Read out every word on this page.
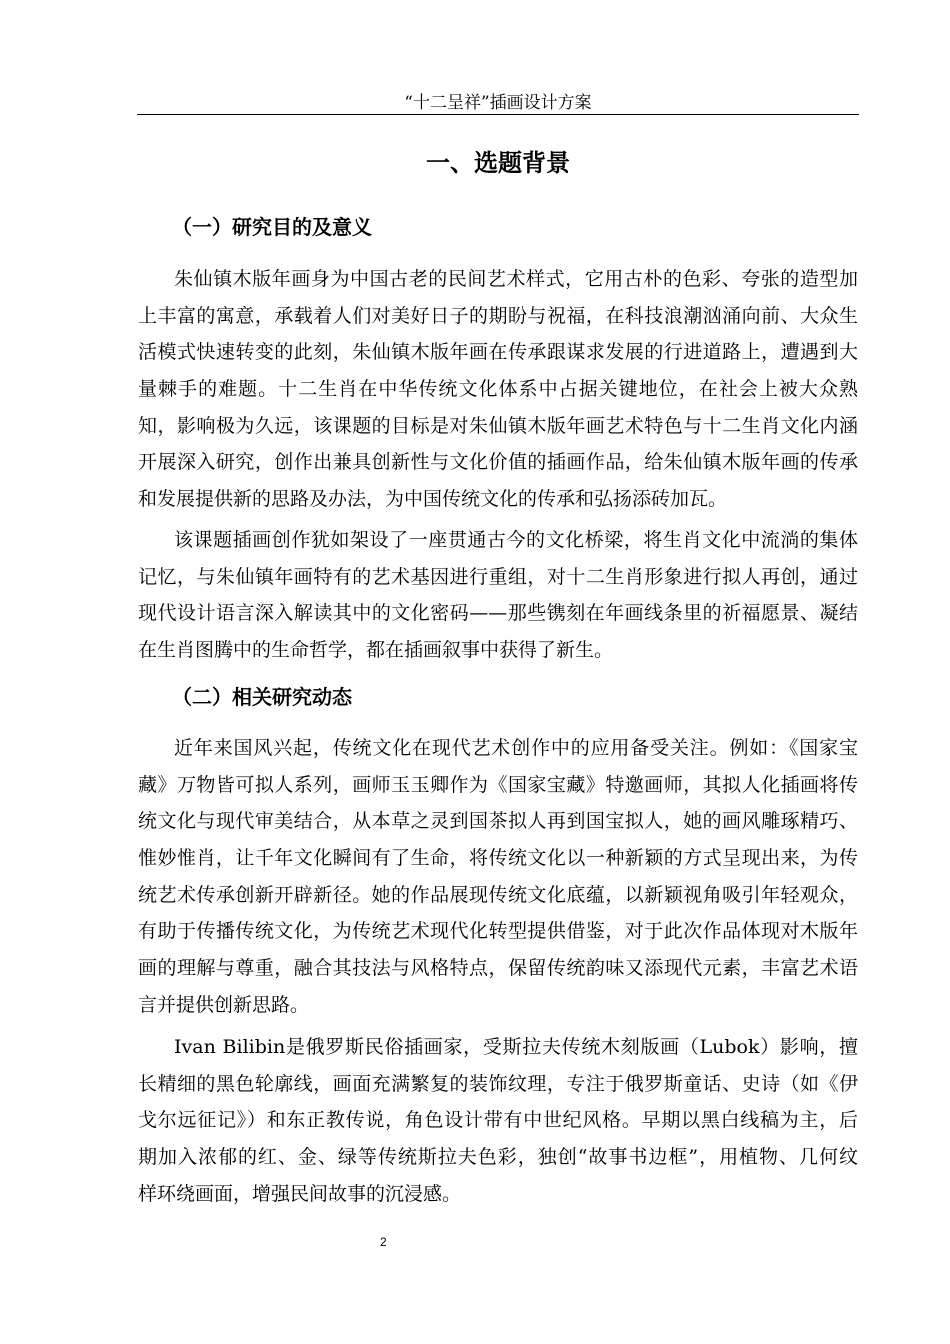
“十二呈祥”插画设计方案
一、选题背景
（一）研究目的及意义
朱仙镇木版年画身为中国古老的民间艺术样式，它用古朴的色彩、夸张的造型加
上丰富的寓意，承载着人们对美好日子的期盼与祝福，在科技浪潮汹涌向前、大众生
活模式快速转变的此刻，朱仙镇木版年画在传承跟谋求发展的行进道路上，遭遇到大
量棘手的难题。十二生肖在中华传统文化体系中占据关键地位，在社会上被大众熟
知，影响极为久远，该课题的目标是对朱仙镇木版年画艺术特色与十二生肖文化内涵
开展深入研究，创作出兼具创新性与文化价值的插画作品，给朱仙镇木版年画的传承
和发展提供新的思路及办法，为中国传统文化的传承和弘扬添砖加瓦。
该课题插画创作犹如架设了一座贯通古今的文化桥梁，将生肖文化中流淌的集体
记忆，与朱仙镇年画特有的艺术基因进行重组，对十二生肖形象进行拟人再创，通过
现代设计语言深入解读其中的文化密码——那些镌刻在年画线条里的祈福愿景、凝结
在生肖图腾中的生命哲学，都在插画叙事中获得了新生。
（二）相关研究动态
近年来国风兴起，传统文化在现代艺术创作中的应用备受关注。例如：《国家宝
藏》万物皆可拟人系列，画师玉玉卿作为《国家宝藏》特邀画师，其拟人化插画将传
统文化与现代审美结合，从本草之灵到国茶拟人再到国宝拟人，她的画风雕琢精巧、
惟妙惟肖，让千年文化瞬间有了生命，将传统文化以一种新颖的方式呈现出来，为传
统艺术传承创新开辟新径。她的作品展现传统文化底蕴，以新颖视角吸引年轻观众，
有助于传播传统文化，为传统艺术现代化转型提供借鉴，对于此次作品体现对木版年
画的理解与尊重，融合其技法与风格特点，保留传统韵味又添现代元素，丰富艺术语
言并提供创新思路。
Ivan Bilibin是俄罗斯民俗插画家，受斯拉夫传统木刻版画（Lubok）影响，擅
长精细的黑色轮廓线，画面充满繁复的装饰纹理，专注于俄罗斯童话、史诗（如《伊
戈尔远征记》）和东正教传说，角色设计带有中世纪风格。早期以黑白线稿为主，后
期加入浓郁的红、金、绿等传统斯拉夫色彩，独创“故事书边框”，用植物、几何纹
样环绕画面，增强民间故事的沉浸感。
2
